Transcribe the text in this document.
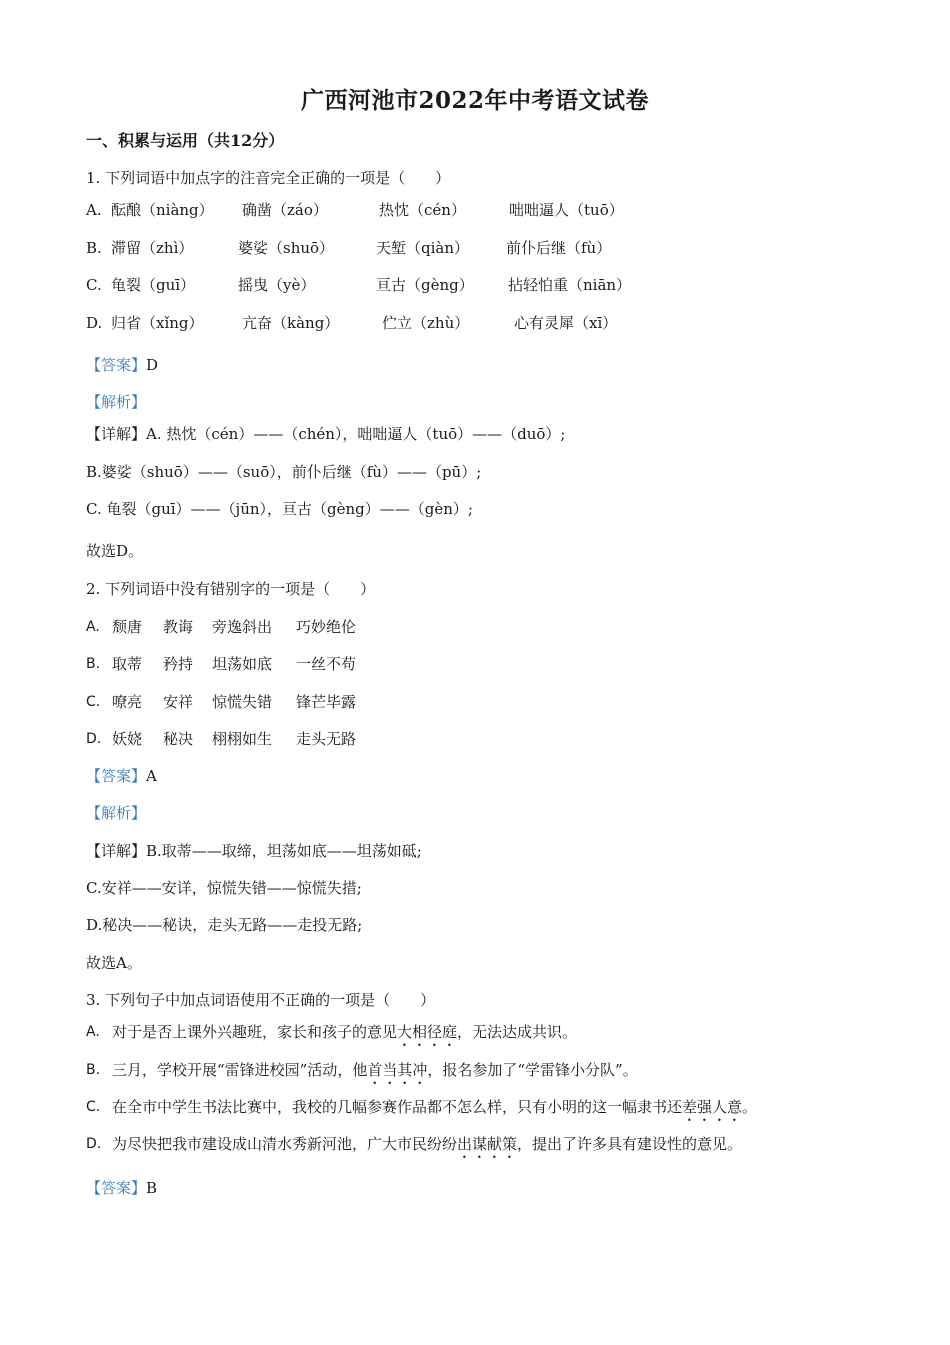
广西河池市2022年中考语文试卷
一、积累与运用（共12分）
1. 下列词语中加点字的注音完全正确的一项是（　　）
A. 酝酿（niàng） 确凿（záo）	热忱（cén）	咄咄逼人（tuō）
B. 滞留（zhì）	婆娑（shuō）	天堑（qiàn） 前仆后继（fù）
C. 龟裂（guī）	摇曳（yè）	亘古（gèng） 拈轻怕重（niān）
D. 归省（xǐng）	亢奋（kàng）	伫立（zhù）	心有灵犀（xī）
【答案】D
【解析】
【详解】A. 热忱（cén）——（chén），咄咄逼人（tuō）——（duō）;
B.婆娑（shuō）——（suō），前仆后继（fù）——（pū）;
C. 龟裂（guī）——（jūn），亘古（gèng）——（gèn）;
故选D。
2. 下列词语中没有错别字的一项是（　　）
A. 颓唐 教诲 旁逸斜出 巧妙绝伦
B. 取蒂 矜持 坦荡如底 一丝不苟
C. 嘹亮 安祥 惊慌失错 锋芒毕露
D. 妖娆 秘决 栩栩如生 走头无路
【答案】A
【解析】
【详解】B.取蒂——取缔，坦荡如底——坦荡如砥;
C.安祥——安详，惊慌失错——惊慌失措;
D.秘决——秘诀，走头无路——走投无路;
故选A。
3. 下列句子中加点词语使用不正确的一项是（　　）
A. 对于是否上课外兴趣班，家长和孩子的意见大相径庭，无法达成共识。
B. 三月，学校开展“雷锋进校园”活动，他首当其冲，报名参加了“学雷锋小分队”。
C. 在全市中学生书法比赛中，我校的几幅参赛作品都不怎么样，只有小明的这一幅隶书还差强人意。
D. 为尽快把我市建设成山清水秀新河池，广大市民纷纷出谋献策，提出了许多具有建设性的意见。
【答案】B
